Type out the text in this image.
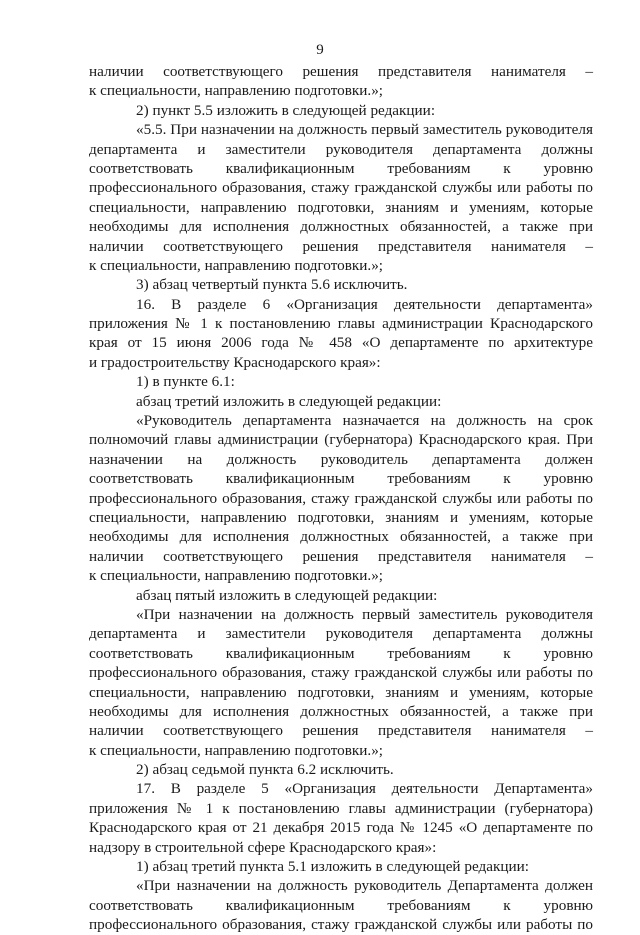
9
наличии соответствующего решения представителя нанимателя –
к специальности, направлению подготовки.»;
2) пункт 5.5 изложить в следующей редакции:
«5.5. При назначении на должность первый заместитель руководителя
департамента и заместители руководителя департамента должны
соответствовать квалификационным требованиям к уровню
профессионального образования, стажу гражданской службы или работы по
специальности, направлению подготовки, знаниям и умениям, которые
необходимы для исполнения должностных обязанностей, а также при
наличии соответствующего решения представителя нанимателя –
к специальности, направлению подготовки.»;
3) абзац четвертый пункта 5.6 исключить.
16. В разделе 6 «Организация деятельности департамента»
приложения № 1 к постановлению главы администрации Краснодарского
края от 15 июня 2006 года № 458 «О департаменте по архитектуре
и градостроительству Краснодарского края»:
1) в пункте 6.1:
абзац третий изложить в следующей редакции:
«Руководитель департамента назначается на должность на срок
полномочий главы администрации (губернатора) Краснодарского края. При
назначении на должность руководитель департамента должен
соответствовать квалификационным требованиям к уровню
профессионального образования, стажу гражданской службы или работы по
специальности, направлению подготовки, знаниям и умениям, которые
необходимы для исполнения должностных обязанностей, а также при
наличии соответствующего решения представителя нанимателя –
к специальности, направлению подготовки.»;
абзац пятый изложить в следующей редакции:
«При назначении на должность первый заместитель руководителя
департамента и заместители руководителя департамента должны
соответствовать квалификационным требованиям к уровню
профессионального образования, стажу гражданской службы или работы по
специальности, направлению подготовки, знаниям и умениям, которые
необходимы для исполнения должностных обязанностей, а также при
наличии соответствующего решения представителя нанимателя –
к специальности, направлению подготовки.»;
2) абзац седьмой пункта 6.2 исключить.
17. В разделе 5 «Организация деятельности Департамента»
приложения № 1 к постановлению главы администрации (губернатора)
Краснодарского края от 21 декабря 2015 года № 1245 «О департаменте по
надзору в строительной сфере Краснодарского края»:
1) абзац третий пункта 5.1 изложить в следующей редакции:
«При назначении на должность руководитель Департамента должен
соответствовать квалификационным требованиям к уровню
профессионального образования, стажу гражданской службы или работы по
